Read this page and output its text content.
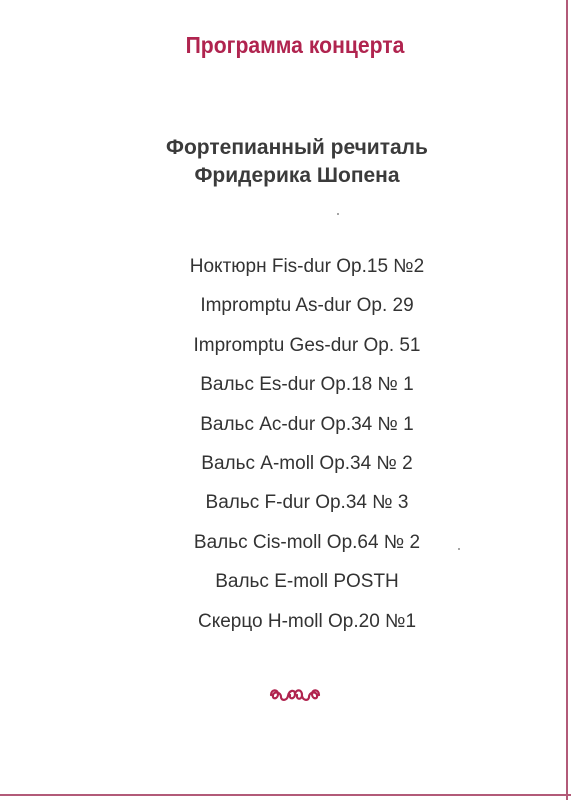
Программа концерта
Фортепианный речиталь
Фридерика Шопена
Ноктюрн Fis-dur Op.15 №2
Impromptu As-dur Op. 29
Impromptu Ges-dur Op. 51
Вальс Es-dur Op.18 № 1
Вальс Ac-dur Op.34 № 1
Вальс A-moll Op.34 № 2
Вальс F-dur Op.34 № 3
Вальс Cis-moll Op.64 № 2
Вальс E-moll POSTH
Скерцо H-moll Op.20 №1
